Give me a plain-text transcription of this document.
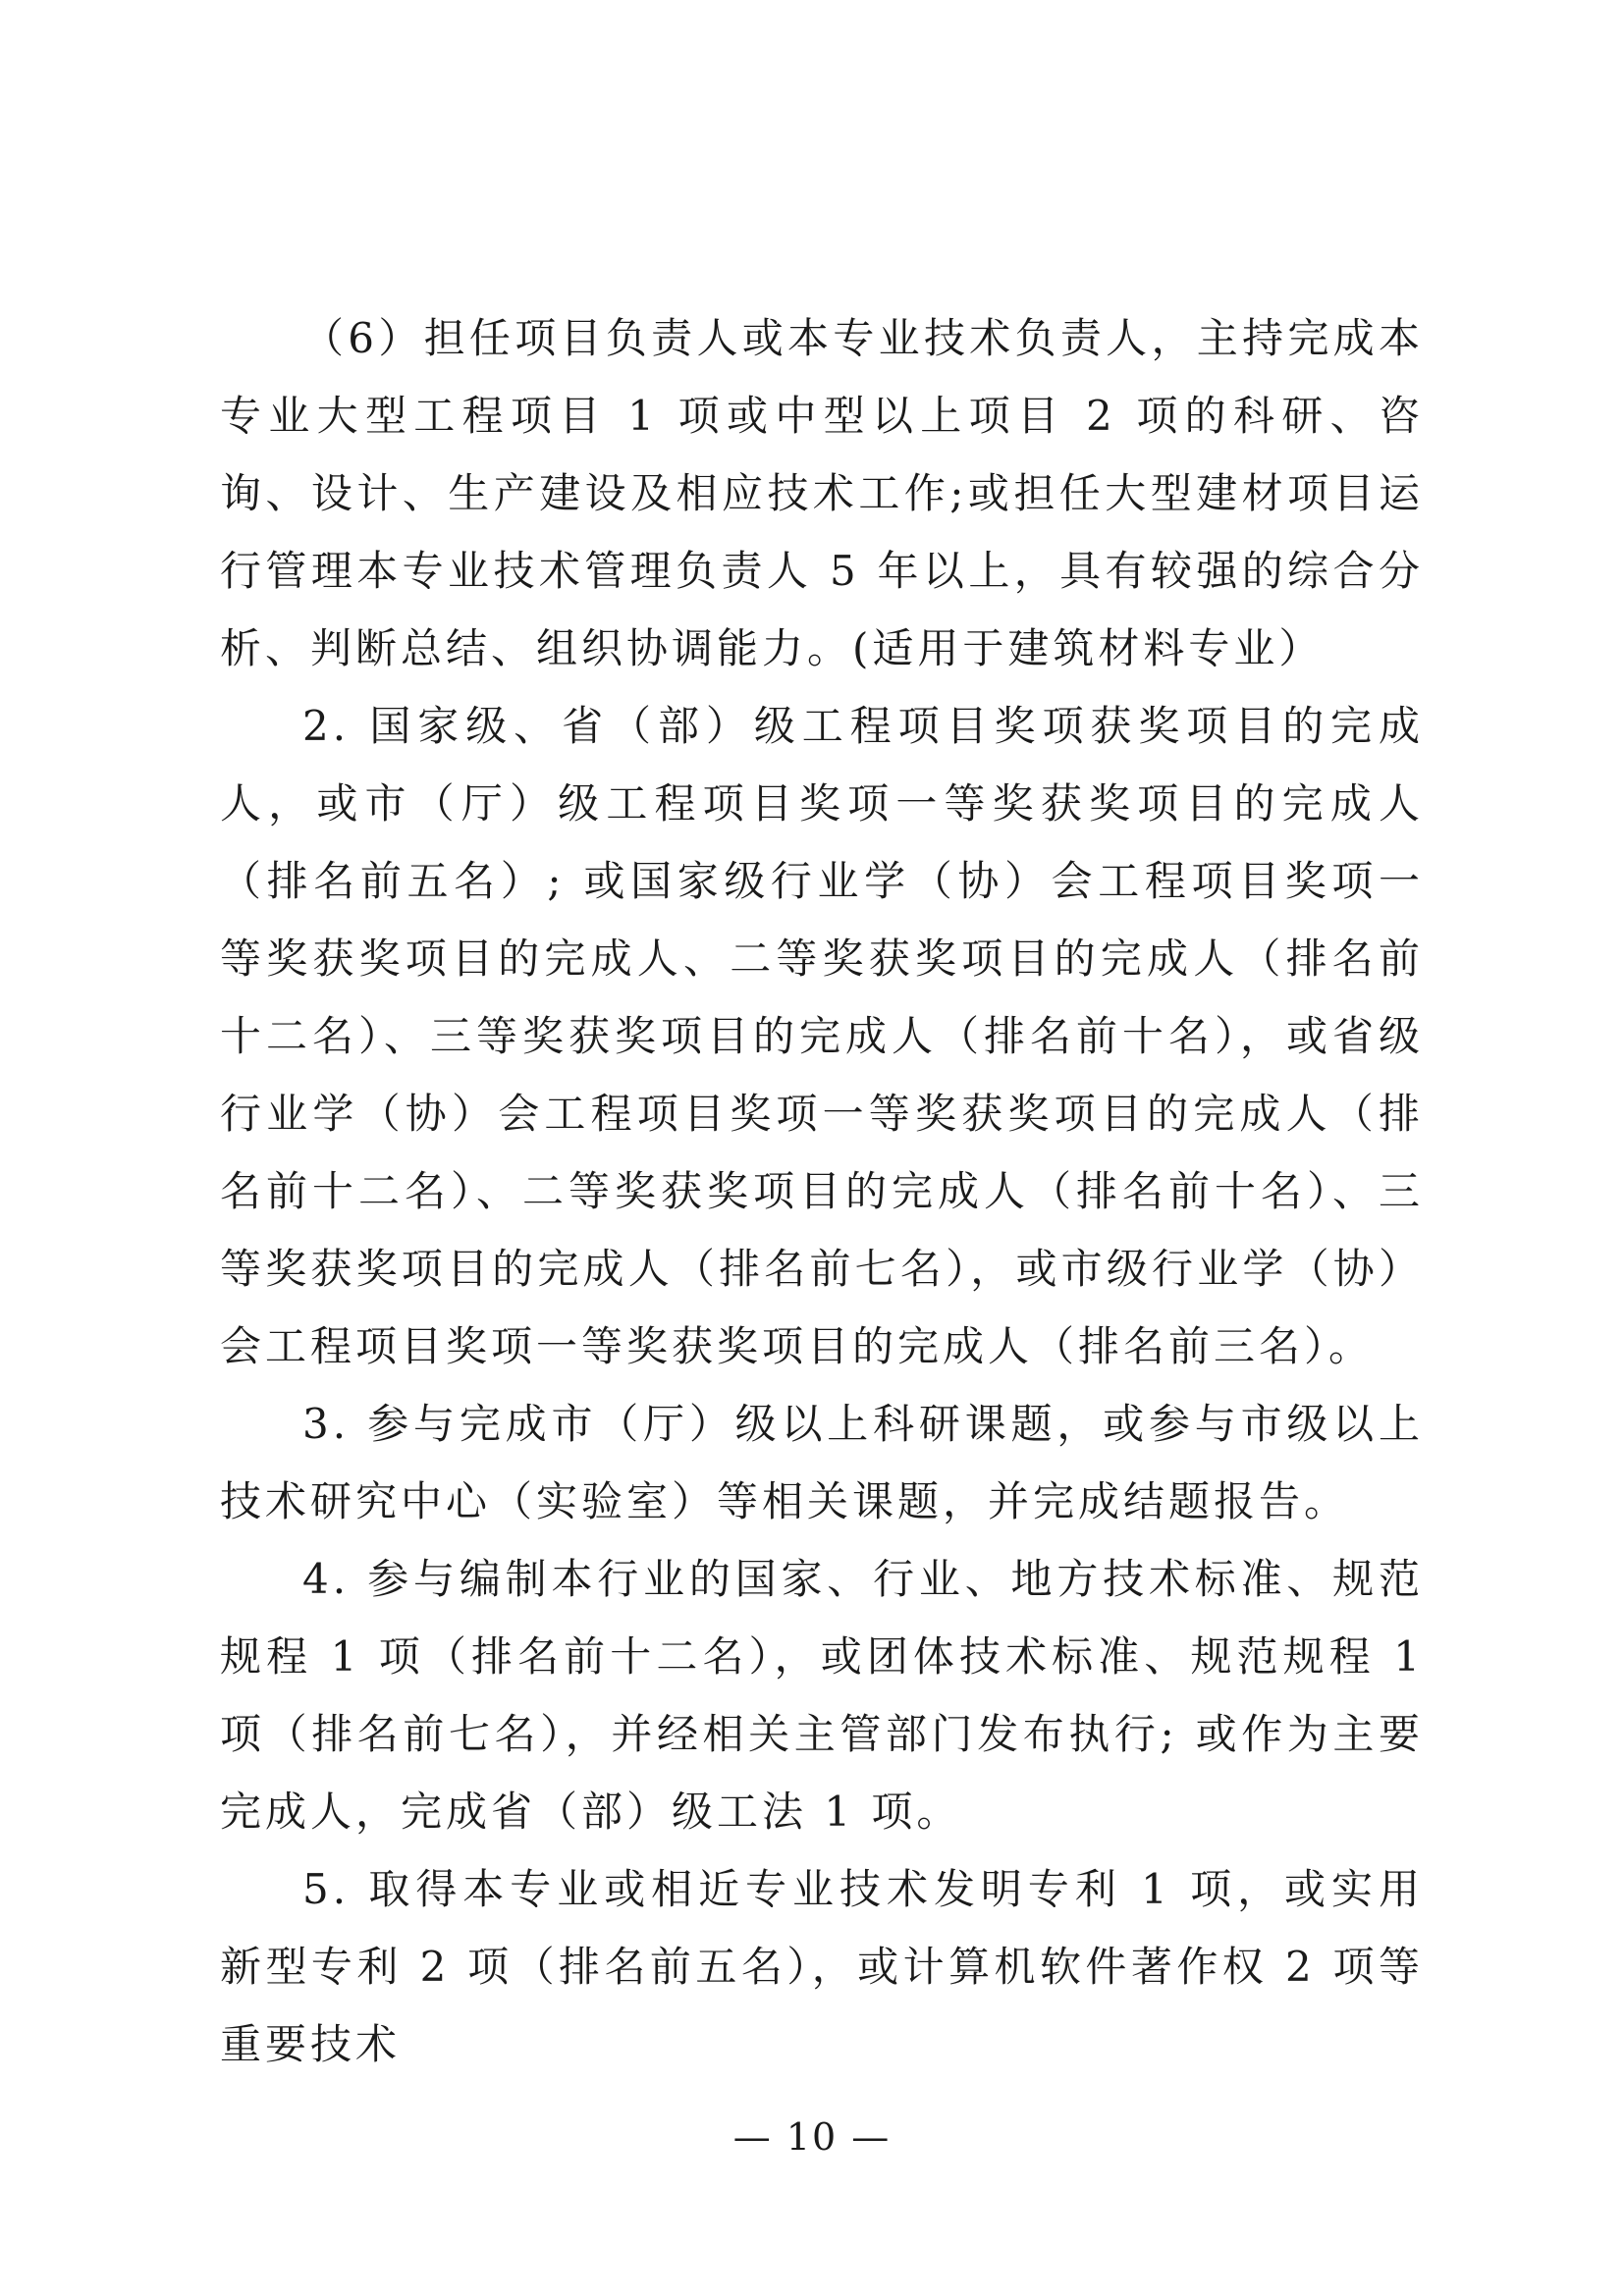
（6）担任项目负责人或本专业技术负责人，主持完成本专业大型工程项目 1 项或中型以上项目 2 项的科研、咨询、设计、生产建设及相应技术工作;或担任大型建材项目运行管理本专业技术管理负责人 5 年以上，具有较强的综合分析、判断总结、组织协调能力。(适用于建筑材料专业）

2. 国家级、省（部）级工程项目奖项获奖项目的完成人，或市（厅）级工程项目奖项一等奖获奖项目的完成人（排名前五名）; 或国家级行业学（协）会工程项目奖项一等奖获奖项目的完成人、二等奖获奖项目的完成人（排名前十二名）、三等奖获奖项目的完成人（排名前十名），或省级行业学（协）会工程项目奖项一等奖获奖项目的完成人（排名前十二名）、二等奖获奖项目的完成人（排名前十名）、三等奖获奖项目的完成人（排名前七名），或市级行业学（协）会工程项目奖项一等奖获奖项目的完成人（排名前三名）。

3. 参与完成市（厅）级以上科研课题，或参与市级以上技术研究中心（实验室）等相关课题，并完成结题报告。

4. 参与编制本行业的国家、行业、地方技术标准、规范规程 1 项（排名前十二名），或团体技术标准、规范规程 1 项（排名前七名），并经相关主管部门发布执行; 或作为主要完成人，完成省（部）级工法 1 项。

5. 取得本专业或相近专业技术发明专利 1 项，或实用新型专利 2 项（排名前五名），或计算机软件著作权 2 项等重要技术

— 10 —
